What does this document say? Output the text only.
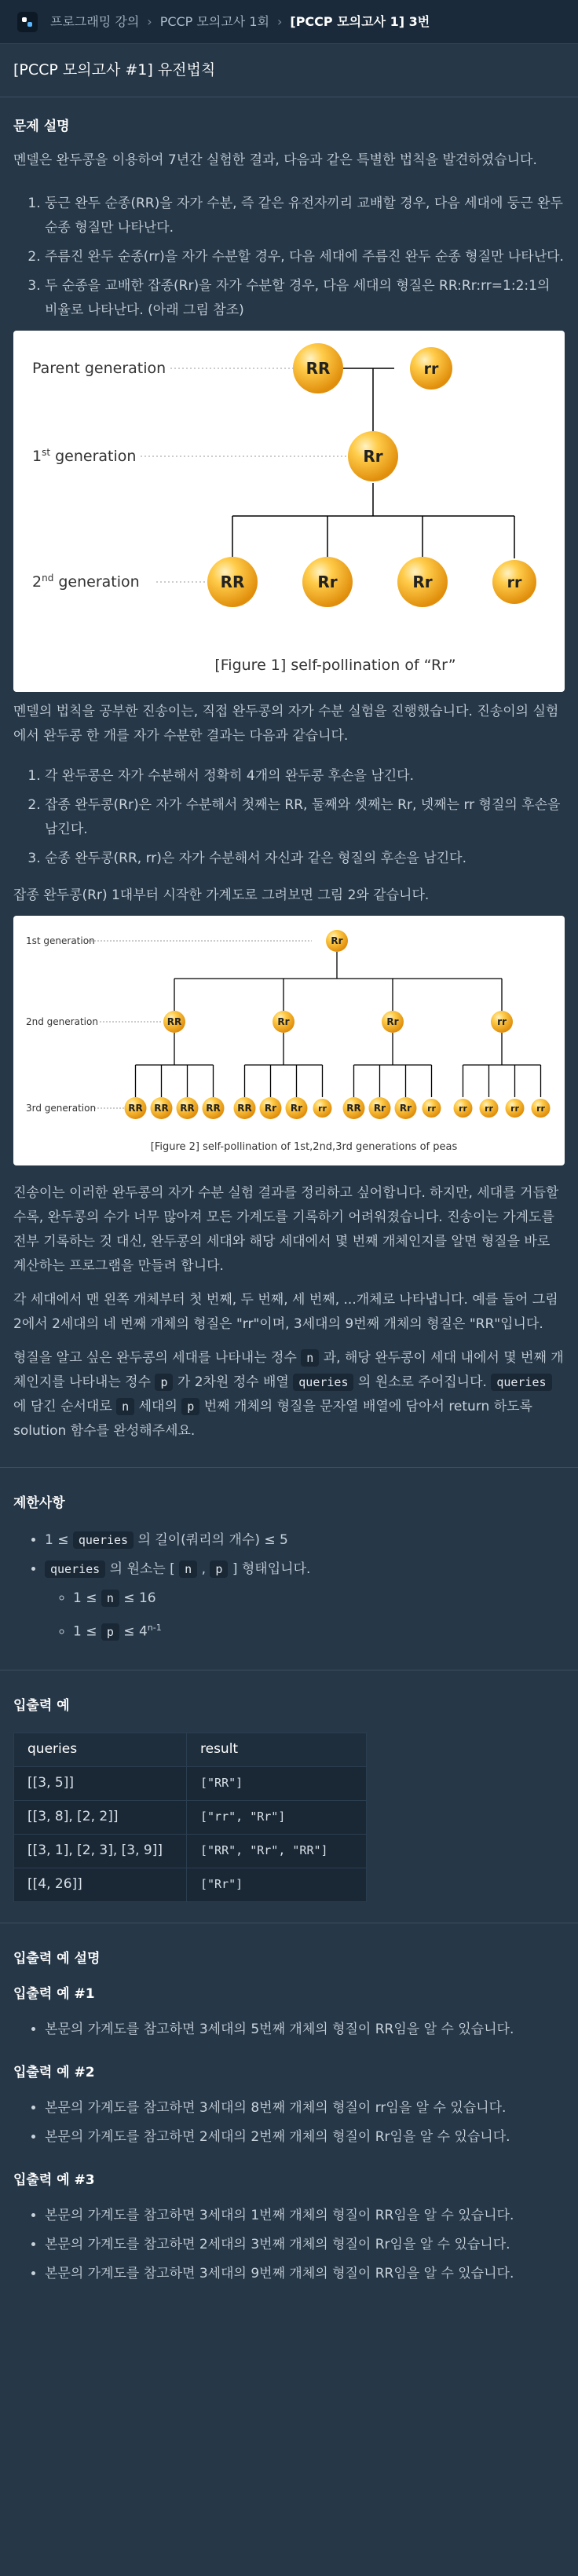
프로그래밍 강의 › PCCP 모의고사 1회 › [PCCP 모의고사 1] 3번
[PCCP 모의고사 #1] 유전법칙
문제 설명

멘델은 완두콩을 이용하여 7년간 실험한 결과, 다음과 같은 특별한 법칙을 발견하였습니다.

1. 둥근 완두 순종(RR)을 자가 수분, 즉 같은 유전자끼리 교배할 경우, 다음 세대에 둥근 완두 순종 형질만 나타난다.
2. 주름진 완두 순종(rr)을 자가 수분할 경우, 다음 세대에 주름진 완두 순종 형질만 나타난다.
3. 두 순종을 교배한 잡종(Rr)을 자가 수분할 경우, 다음 세대의 형질은 RR:Rr:rr=1:2:1의 비율로 나타난다. (아래 그림 참조)
Parent generation
1st generation
2nd generation
RR	rr
Rr
RR	Rr	Rr	rr
[Figure 1] self-pollination of “Rr”

멘델의 법칙을 공부한 진송이는, 직접 완두콩의 자가 수분 실험을 진행했습니다. 진송이의 실험에서 완두콩 한 개를 자가 수분한 결과는 다음과 같습니다.

1. 각 완두콩은 자가 수분해서 정확히 4개의 완두콩 후손을 남긴다.
2. 잡종 완두콩(Rr)은 자가 수분해서 첫째는 RR, 둘째와 셋째는 Rr, 넷째는 rr 형질의 후손을 남긴다.
3. 순종 완두콩(RR, rr)은 자가 수분해서 자신과 같은 형질의 후손을 남긴다.

잡종 완두콩(Rr) 1대부터 시작한 가계도로 그려보면 그림 2와 같습니다.

1st generation
2nd generation
3rd generation
Rr
RR
RR RR RR RR
Rr
RR Rr Rr rr
Rr
RR Rr Rr rr
rr
rr rr rr rr
[Figure 2] self-pollination of 1st,2nd,3rd generations of peas

진송이는 이러한 완두콩의 자가 수분 실험 결과를 정리하고 싶어합니다. 하지만, 세대를 거듭할수록, 완두콩의 수가 너무 많아져 모든 가계도를 기록하기 어려워졌습니다. 진송이는 가계도를 전부 기록하는 것 대신, 완두콩의 세대와 해당 세대에서 몇 번째 개체인지를 알면 형질을 바로 계산하는 프로그램을 만들려 합니다.

각 세대에서 맨 왼쪽 개체부터 첫 번째, 두 번째, 세 번째, ...개체로 나타냅니다. 예를 들어 그림 2에서 2세대의 네 번째 개체의 형질은 "rr"이며, 3세대의 9번째 개체의 형질은 "RR"입니다.

형질을 알고 싶은 완두콩의 세대를 나타내는 정수 n 과, 해당 완두콩이 세대 내에서 몇 번째 개체인지를 나타내는 정수 p 가 2차원 정수 배열 queries 의 원소로 주어집니다. queries 에 담긴 순서대로 n 세대의 p 번째 개체의 형질을 문자열 배열에 담아서 return 하도록 solution 함수를 완성해주세요.

제한사항
• 1 ≤ queries 의 길이(쿼리의 개수) ≤ 5
• queries 의 원소는 [ n , p ] 형태입니다.
◦ 1 ≤ n ≤ 16
◦ $1 \le p \le 4^{n-1}$
입출력 예
queries	result
[[3, 5]]	["RR"]
[[3, 8], [2, 2]]	["rr", "Rr"]
[[3, 1], [2, 3], [3, 9]]	["RR", "Rr", "RR"]
[[4, 26]]	["Rr"]
입출력 예 설명
입출력 예 #1
• 본문의 가계도를 참고하면 3세대의 5번째 개체의 형질이 RR임을 알 수 있습니다.
입출력 예 #2
• 본문의 가계도를 참고하면 3세대의 8번째 개체의 형질이 rr임을 알 수 있습니다.
• 본문의 가계도를 참고하면 2세대의 2번째 개체의 형질이 Rr임을 알 수 있습니다.
입출력 예 #3
• 본문의 가계도를 참고하면 3세대의 1번째 개체의 형질이 RR임을 알 수 있습니다.
• 본문의 가계도를 참고하면 2세대의 3번째 개체의 형질이 Rr임을 알 수 있습니다.
• 본문의 가계도를 참고하면 3세대의 9번째 개체의 형질이 RR임을 알 수 있습니다.
